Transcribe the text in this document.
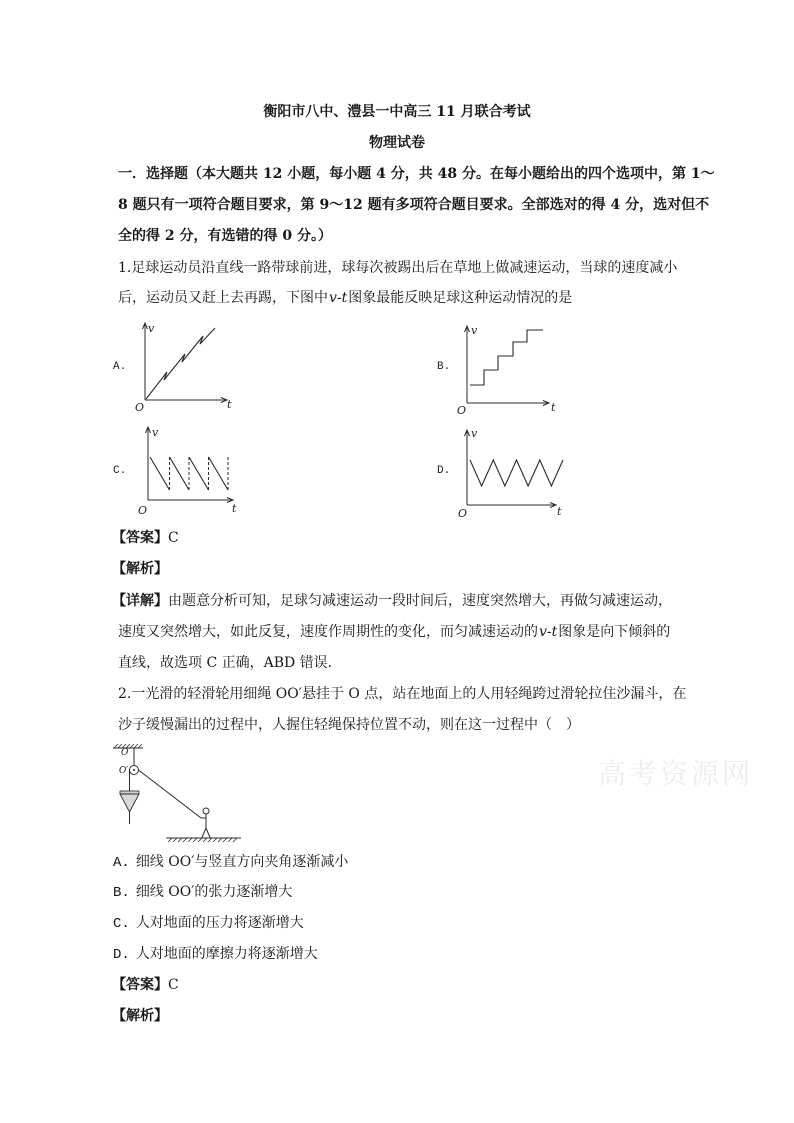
高考资源网
衡阳市八中、澧县一中高三 11 月联合考试
物理试卷
一．选择题（本大题共 12 小题，每小题 4 分，共 48 分。在每小题给出的四个选项中，第 1～
8 题只有一项符合题目要求，第 9～12 题有多项符合题目要求。全部选对的得 4 分，选对但不
全的得 2 分，有选错的得 0 分。）
1.足球运动员沿直线一路带球前进，球每次被踢出后在草地上做减速运动，当球的速度减小
后，运动员又赶上去再踢，下图中v-t图象最能反映足球这种运动情况的是
A.	B.
C.	D.
v
t
O
v
t
O
v
t
O
v
t
O
【答案】C
【解析】
【详解】由题意分析可知，足球匀减速运动一段时间后，速度突然增大，再做匀减速运动，
速度又突然增大，如此反复，速度作周期性的变化，而匀减速运动的v-t图象是向下倾斜的
直线，故选项 C 正确，ABD 错误．
2.一光滑的轻滑轮用细绳 OO′悬挂于 O 点，站在地面上的人用轻绳跨过滑轮拉住沙漏斗，在
沙子缓慢漏出的过程中，人握住轻绳保持位置不动，则在这一过程中（　）
O
O′
A. 细线 OO′与竖直方向夹角逐渐减小
B. 细线 OO′的张力逐渐增大
C. 人对地面的压力将逐渐增大
D. 人对地面的摩擦力将逐渐增大
【答案】C
【解析】
